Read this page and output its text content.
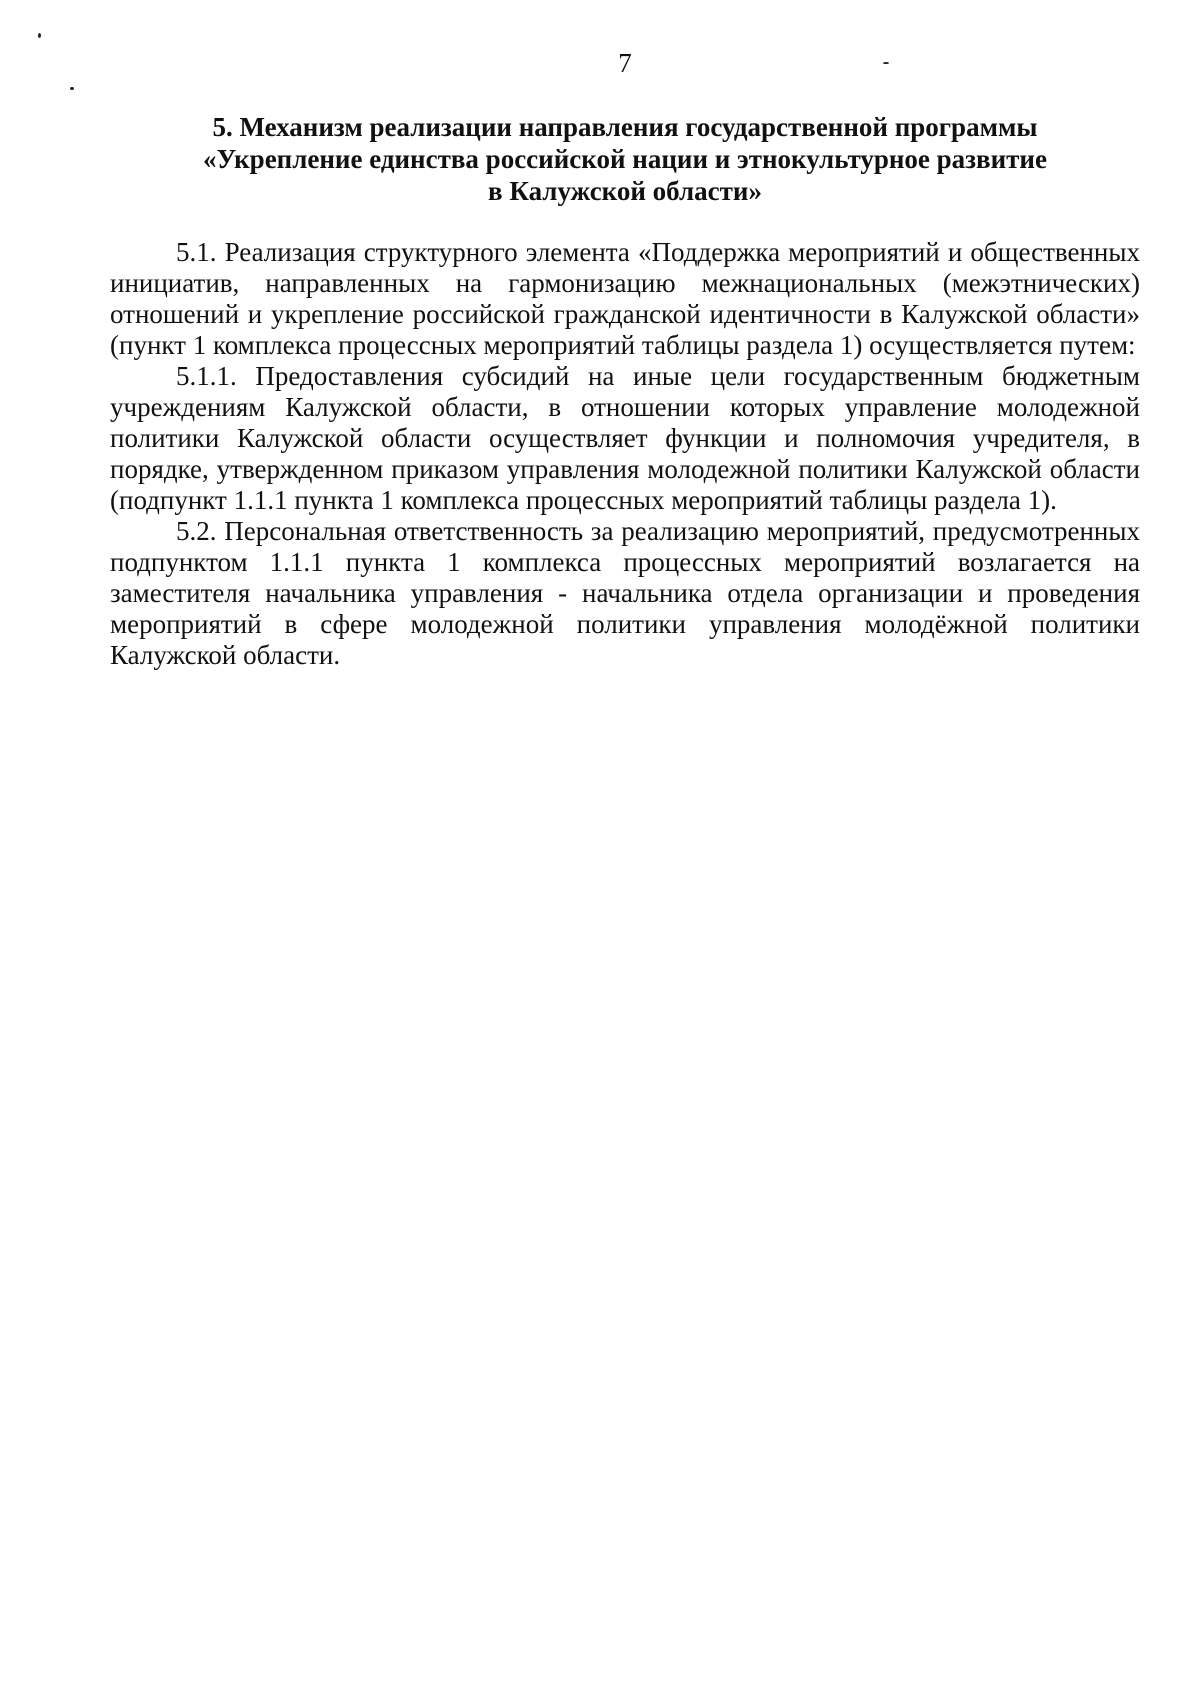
7
5. Механизм реализации направления государственной программы
«Укрепление единства российской нации и этнокультурное развитие
в Калужской области»

5.1. Реализация структурного элемента «Поддержка мероприятий и общественных инициатив, направленных на гармонизацию межнациональных (межэтнических) отношений и укрепление российской гражданской идентичности в Калужской области» (пункт 1 комплекса процессных мероприятий таблицы раздела 1) осуществляется путем:

5.1.1. Предоставления субсидий на иные цели государственным бюджетным учреждениям Калужской области, в отношении которых управление молодежной политики Калужской области осуществляет функции и полномочия учредителя, в порядке, утвержденном приказом управления молодежной политики Калужской области (подпункт 1.1.1 пункта 1 комплекса процессных мероприятий таблицы раздела 1).

5.2. Персональная ответственность за реализацию мероприятий, предусмотренных подпунктом 1.1.1 пункта 1 комплекса процессных мероприятий возлагается на заместителя начальника управления - начальника отдела организации и проведения мероприятий в сфере молодежной политики управления молодёжной политики Калужской области.
